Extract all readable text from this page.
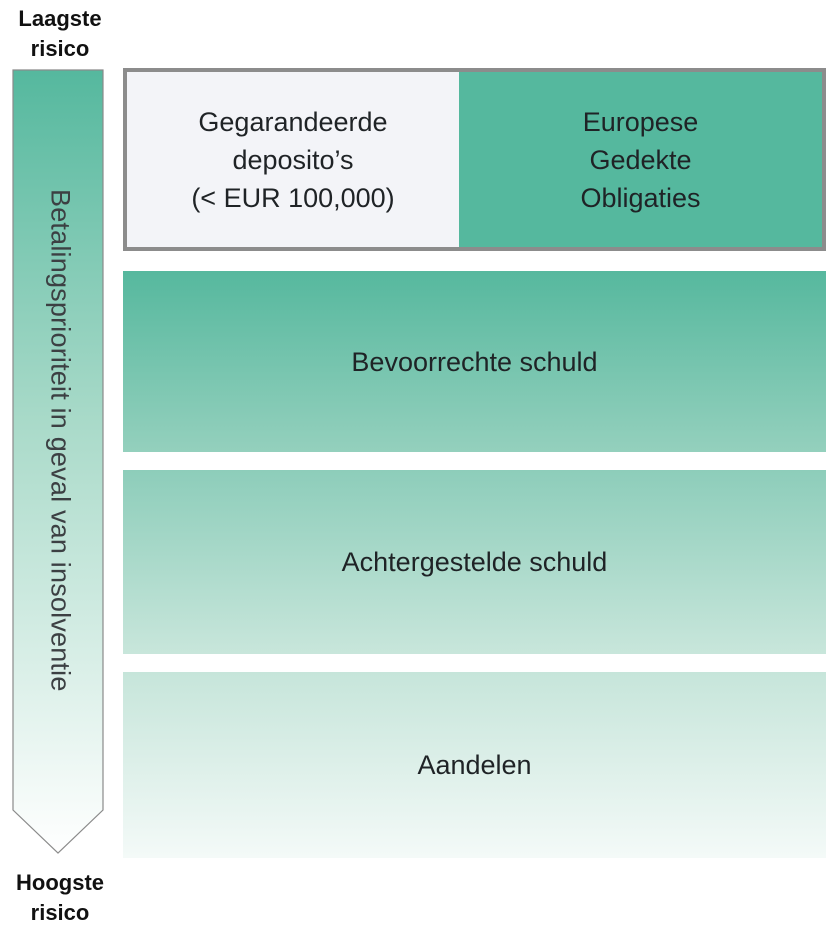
Laagste
risico
Betalingsprioriteit in geval van insolventie
Hoogste
risico
Gegarandeerde
deposito’s
(< EUR 100,000)
Europese
Gedekte
Obligaties
Bevoorrechte schuld
Achtergestelde schuld
Aandelen
